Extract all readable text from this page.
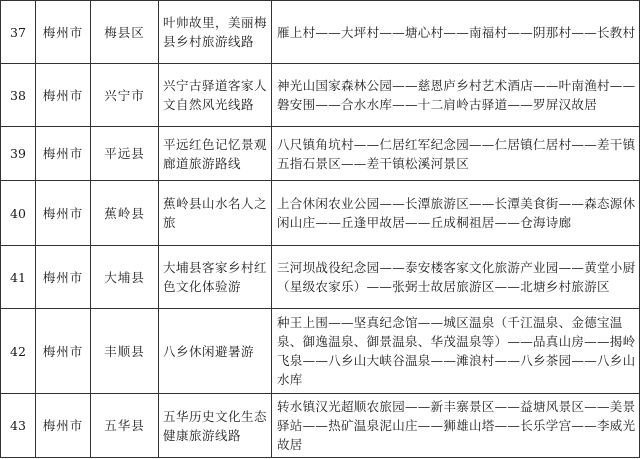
37	梅州市	梅县区	叶帅故里，美丽梅县乡村旅游线路	雁上村——大坪村——塘心村——南福村——阴那村——长教村
38	梅州市	兴宁市	兴宁古驿道客家人文自然风光线路	神光山国家森林公园——慈恩庐乡村艺术酒店——叶南渔村——磐安围——合水水库——十二肩岭古驿道——罗屏汉故居
39	梅州市	平远县	平远红色记忆景观廊道旅游路线	八尺镇角坑村——仁居红军纪念园——仁居镇仁居村——差干镇五指石景区——差干镇松溪河景区
40	梅州市	蕉岭县	蕉岭县山水名人之旅	上合休闲农业公园——长潭旅游区——长潭美食街——森态源休闲山庄——丘逢甲故居——丘成桐祖居——仓海诗廊
41	梅州市	大埔县	大埔县客家乡村红色文化体验游	三河坝战役纪念园——泰安楼客家文化旅游产业园——黄堂小厨（星级农家乐）——张弼士故居旅游区——北塘乡村旅游区
42	梅州市	丰顺县	八乡休闲避暑游	种王上围——坚真纪念馆——城区温泉（千江温泉、金德宝温泉、御逸温泉、御景温泉、华茂温泉等）——品真山房——揭岭飞泉——八乡山大峡谷温泉——滩浪村——八乡茶园——八乡山水库
43	梅州市	五华县	五华历史文化生态健康旅游线路	转水镇汉光超顺农旅园——新丰寨景区——益塘风景区——美景驿站——热矿温泉泥山庄——狮雄山塔——长乐学宫——李威光故居
